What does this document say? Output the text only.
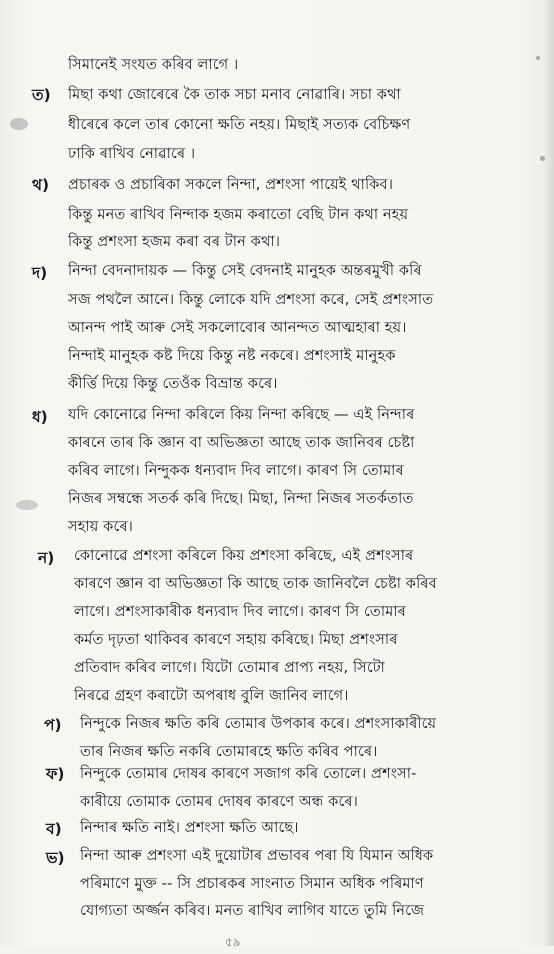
সিমানেই সংযত কৰিব লাগে ।
ত) মিছা কথা জোৰেৰে কৈ তাক সচা মনাব নোৱাৰি। সচা কথা
ধীৰেৰে কলে তাৰ কোনো ক্ষতি নহয়। মিছাই সত্যক বেচিক্ষণ
ঢাকি ৰাখিব নোৱাৰে ।
থ) প্ৰচাৰক ও প্ৰচাৰিকা সকলে নিন্দা, প্ৰশংসা পায়েই থাকিব।
কিন্তু মনত ৰাখিব নিন্দাক হজম কৰাতো বেছি টান কথা নহয়
কিন্তু প্ৰশংসা হজম কৰা বৰ টান কথা।
দ) নিন্দা বেদনাদায়ক — কিন্তু সেই বেদনাই মানুহক অন্তৰমুখী কৰি
সজ পথলৈ আনে। কিন্তু লোকে যদি প্ৰশংসা কৰে, সেই প্ৰশংসাত
আনন্দ পাই আৰু সেই সকলোবোৰ আনন্দত আত্মহাৰা হয়।
নিন্দাই মানুহক কষ্ট দিয়ে কিন্তু নষ্ট নকৰে। প্ৰশংসাই মানুহক
কীৰ্ত্তি দিয়ে কিন্তু তেওঁক বিভ্ৰান্ত কৰে।
ধ) যদি কোনোৱে নিন্দা কৰিলে কিয় নিন্দা কৰিছে — এই নিন্দাৰ
কাৰনে তাৰ কি জ্ঞান বা অভিজ্ঞতা আছে তাক জানিবৰ চেষ্টা
কৰিব লাগে। নিন্দুকক ধন্যবাদ দিব লাগে। কাৰণ সি তোমাৰ
নিজৰ সম্বন্ধে সতৰ্ক কৰি দিছে। মিছা, নিন্দা নিজৰ সতৰ্কতাত
সহায় কৰে।
ন) কোনোৱে প্ৰশংসা কৰিলে কিয় প্ৰশংসা কৰিছে, এই প্ৰশংসাৰ
কাৰণে জ্ঞান বা অভিজ্ঞতা কি আছে তাক জানিবলৈ চেষ্টা কৰিব
লাগে। প্ৰশংসাকাৰীক ধন্যবাদ দিব লাগে। কাৰণ সি তোমাৰ
কৰ্মত দৃঢ়তা থাকিবৰ কাৰণে সহায় কৰিছে। মিছা প্ৰশংসাৰ
প্ৰতিবাদ কৰিব লাগে। যিটো তোমাৰ প্ৰাপ্য নহয়, সিটো
নিৰৱে গ্ৰহণ কৰাটো অপৰাধ বুলি জানিব লাগে।
প) নিন্দুকে নিজৰ ক্ষতি কৰি তোমাৰ উপকাৰ কৰে। প্ৰশংসাকাৰীয়ে
তাৰ নিজৰ ক্ষতি নকৰি তোমাৰহে ক্ষতি কৰিব পাৰে।
ফ) নিন্দুকে তোমাৰ দোষৰ কাৰণে সজাগ কৰি তোলে। প্ৰশংসা-
কাৰীয়ে তোমাক তোমৰ দোষৰ কাৰণে অন্ধ কৰে।
ব) নিন্দাৰ ক্ষতি নাই। প্ৰশংসা ক্ষতি আছে।
ভ) নিন্দা আৰু প্ৰশংসা এই দুয়োটাৰ প্ৰভাবৰ পৰা যি যিমান অধিক
পৰিমাণে মুক্ত -- সি প্ৰচাৰকৰ সাংনাত সিমান অধিক পৰিমাণ
যোগ্যতা অৰ্জ্জন কৰিব। মনত ৰাখিব লাগিব যাতে তুমি নিজে
৫৯
